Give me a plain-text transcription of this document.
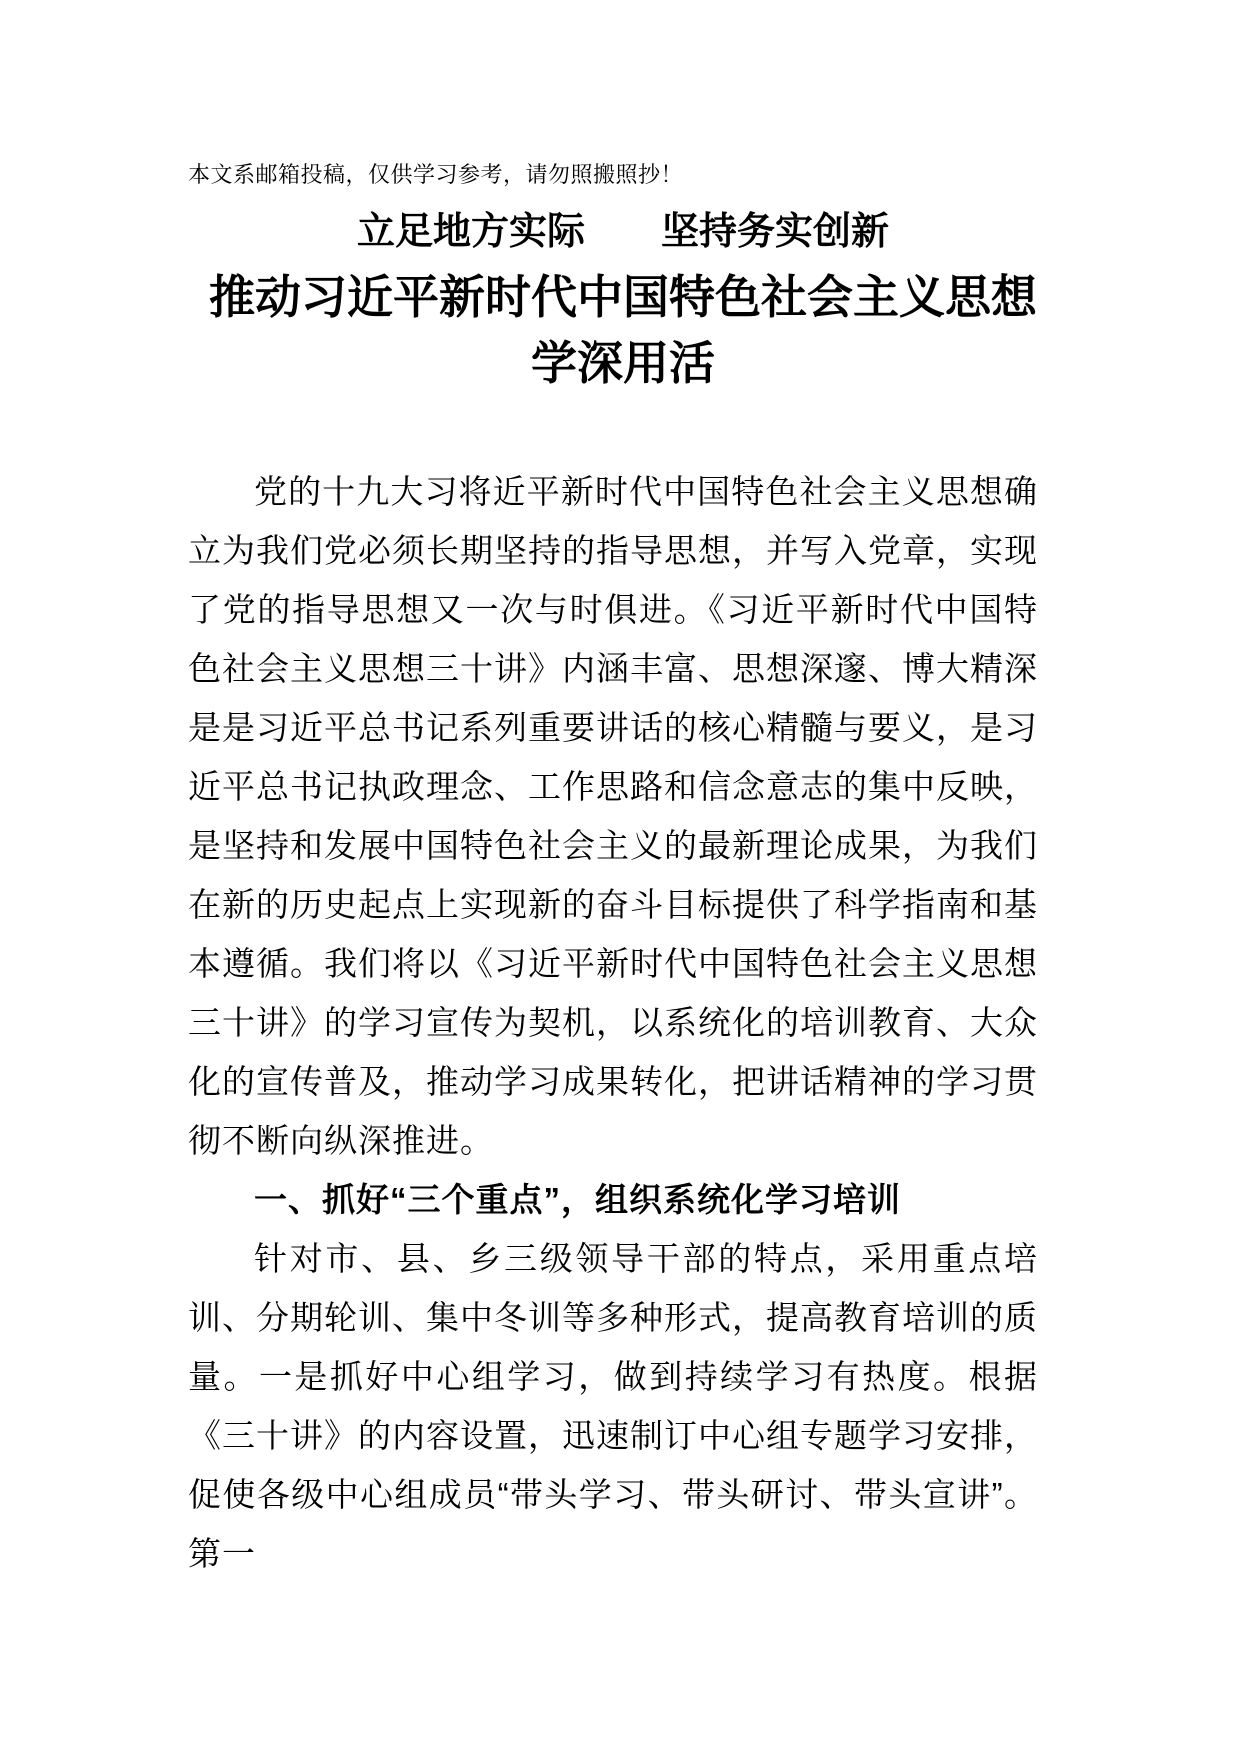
本文系邮箱投稿，仅供学习参考，请勿照搬照抄！
立足地方实际　　坚持务实创新
推动习近平新时代中国特色社会主义思想
学深用活

党的十九大习将近平新时代中国特色社会主义思想确立为我们党必须长期坚持的指导思想，并写入党章，实现了党的指导思想又一次与时俱进。《习近平新时代中国特色社会主义思想三十讲》内涵丰富、思想深邃、博大精深是是习近平总书记系列重要讲话的核心精髓与要义，是习近平总书记执政理念、工作思路和信念意志的集中反映，是坚持和发展中国特色社会主义的最新理论成果，为我们在新的历史起点上实现新的奋斗目标提供了科学指南和基本遵循。我们将以《习近平新时代中国特色社会主义思想三十讲》的学习宣传为契机，以系统化的培训教育、大众化的宣传普及，推动学习成果转化，把讲话精神的学习贯彻不断向纵深推进。

一、抓好“三个重点”，组织系统化学习培训

针对市、县、乡三级领导干部的特点，采用重点培训、分期轮训、集中冬训等多种形式，提高教育培训的质量。一是抓好中心组学习，做到持续学习有热度。根据《三十讲》的内容设置，迅速制订中心组专题学习安排，促使各级中心组成员“带头学习、带头研讨、带头宣讲”。第一
